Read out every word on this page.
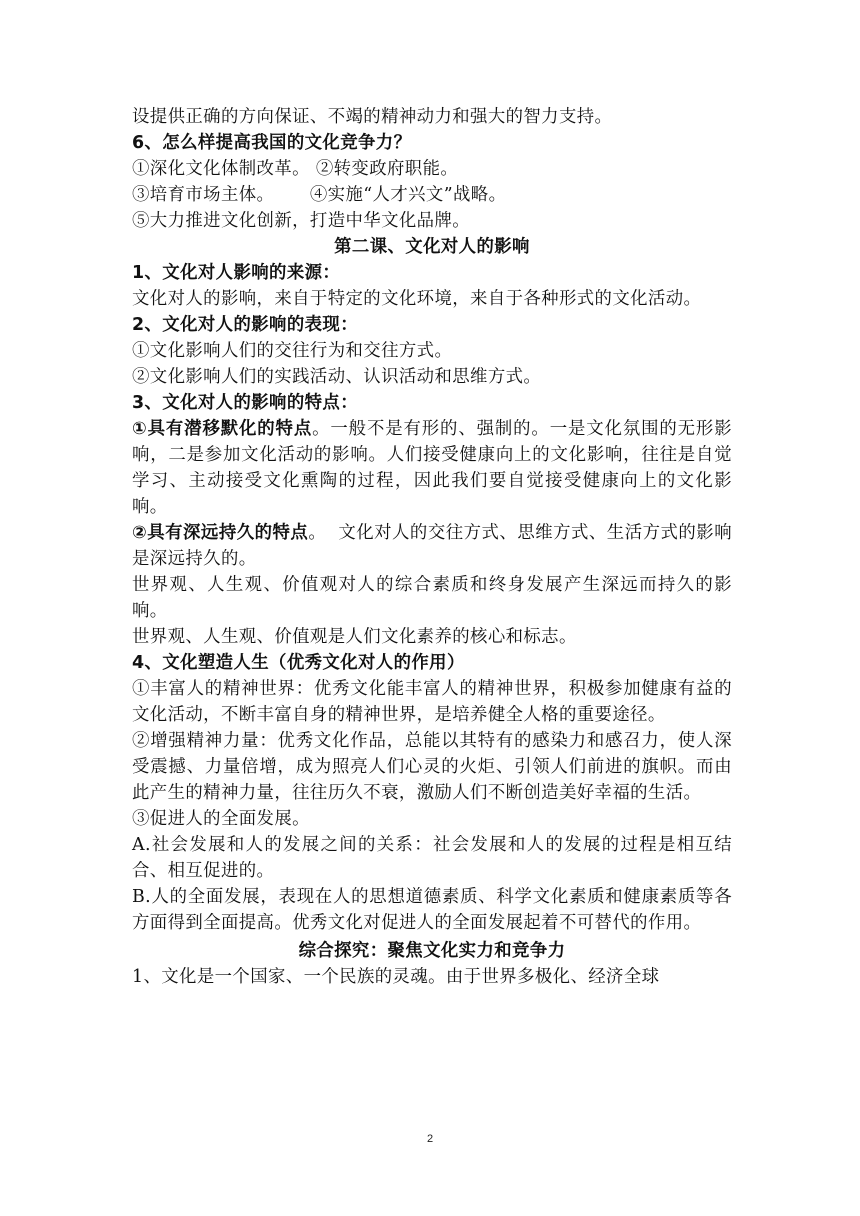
设提供正确的方向保证、不竭的精神动力和强大的智力支持。

6、怎么样提高我国的文化竞争力？

①深化文化体制改革。 ②转变政府职能。

③培育市场主体。      ④实施“人才兴文”战略。

⑤大力推进文化创新，打造中华文化品牌。

第二课、文化对人的影响

1、文化对人影响的来源：

文化对人的影响，来自于特定的文化环境，来自于各种形式的文化活动。

2、文化对人的影响的表现：

①文化影响人们的交往行为和交往方式。

②文化影响人们的实践活动、认识活动和思维方式。

3、文化对人的影响的特点：

①具有潜移默化的特点。一般不是有形的、强制的。一是文化氛围的无形影响，二是参加文化活动的影响。人们接受健康向上的文化影响，往往是自觉学习、主动接受文化熏陶的过程，因此我们要自觉接受健康向上的文化影响。

②具有深远持久的特点。  文化对人的交往方式、思维方式、生活方式的影响是深远持久的。

世界观、人生观、价值观对人的综合素质和终身发展产生深远而持久的影响。

世界观、人生观、价值观是人们文化素养的核心和标志。

4、文化塑造人生（优秀文化对人的作用）

①丰富人的精神世界：优秀文化能丰富人的精神世界，积极参加健康有益的文化活动，不断丰富自身的精神世界，是培养健全人格的重要途径。

②增强精神力量：优秀文化作品，总能以其特有的感染力和感召力，使人深受震撼、力量倍增，成为照亮人们心灵的火炬、引领人们前进的旗帜。而由此产生的精神力量，往往历久不衰，激励人们不断创造美好幸福的生活。

③促进人的全面发展。

A.社会发展和人的发展之间的关系：社会发展和人的发展的过程是相互结合、相互促进的。

B.人的全面发展，表现在人的思想道德素质、科学文化素质和健康素质等各方面得到全面提高。优秀文化对促进人的全面发展起着不可替代的作用。

综合探究：聚焦文化实力和竞争力

1、文化是一个国家、一个民族的灵魂。由于世界多极化、经济全球

2
